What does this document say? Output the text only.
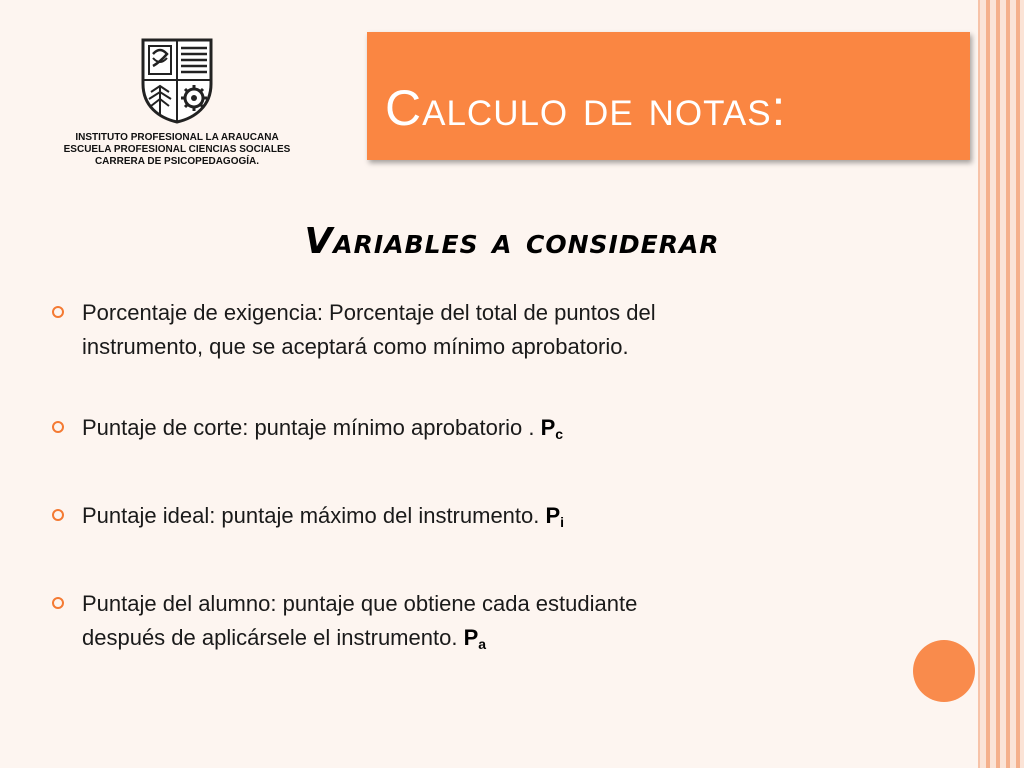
INSTITUTO PROFESIONAL LA ARAUCANA
ESCUELA PROFESIONAL CIENCIAS SOCIALES
CARRERA DE PSICOPEDAGOGÍA.
Calculo de notas:
Variables a considerar
Porcentaje de exigencia: Porcentaje del total de puntos del
instrumento, que se aceptará como mínimo aprobatorio.
Puntaje de corte: puntaje mínimo aprobatorio . $P_c$
Puntaje ideal: puntaje máximo del instrumento. $P_i$
Puntaje del alumno: puntaje que obtiene cada estudiante
después de aplicársele el instrumento. $P_a$
